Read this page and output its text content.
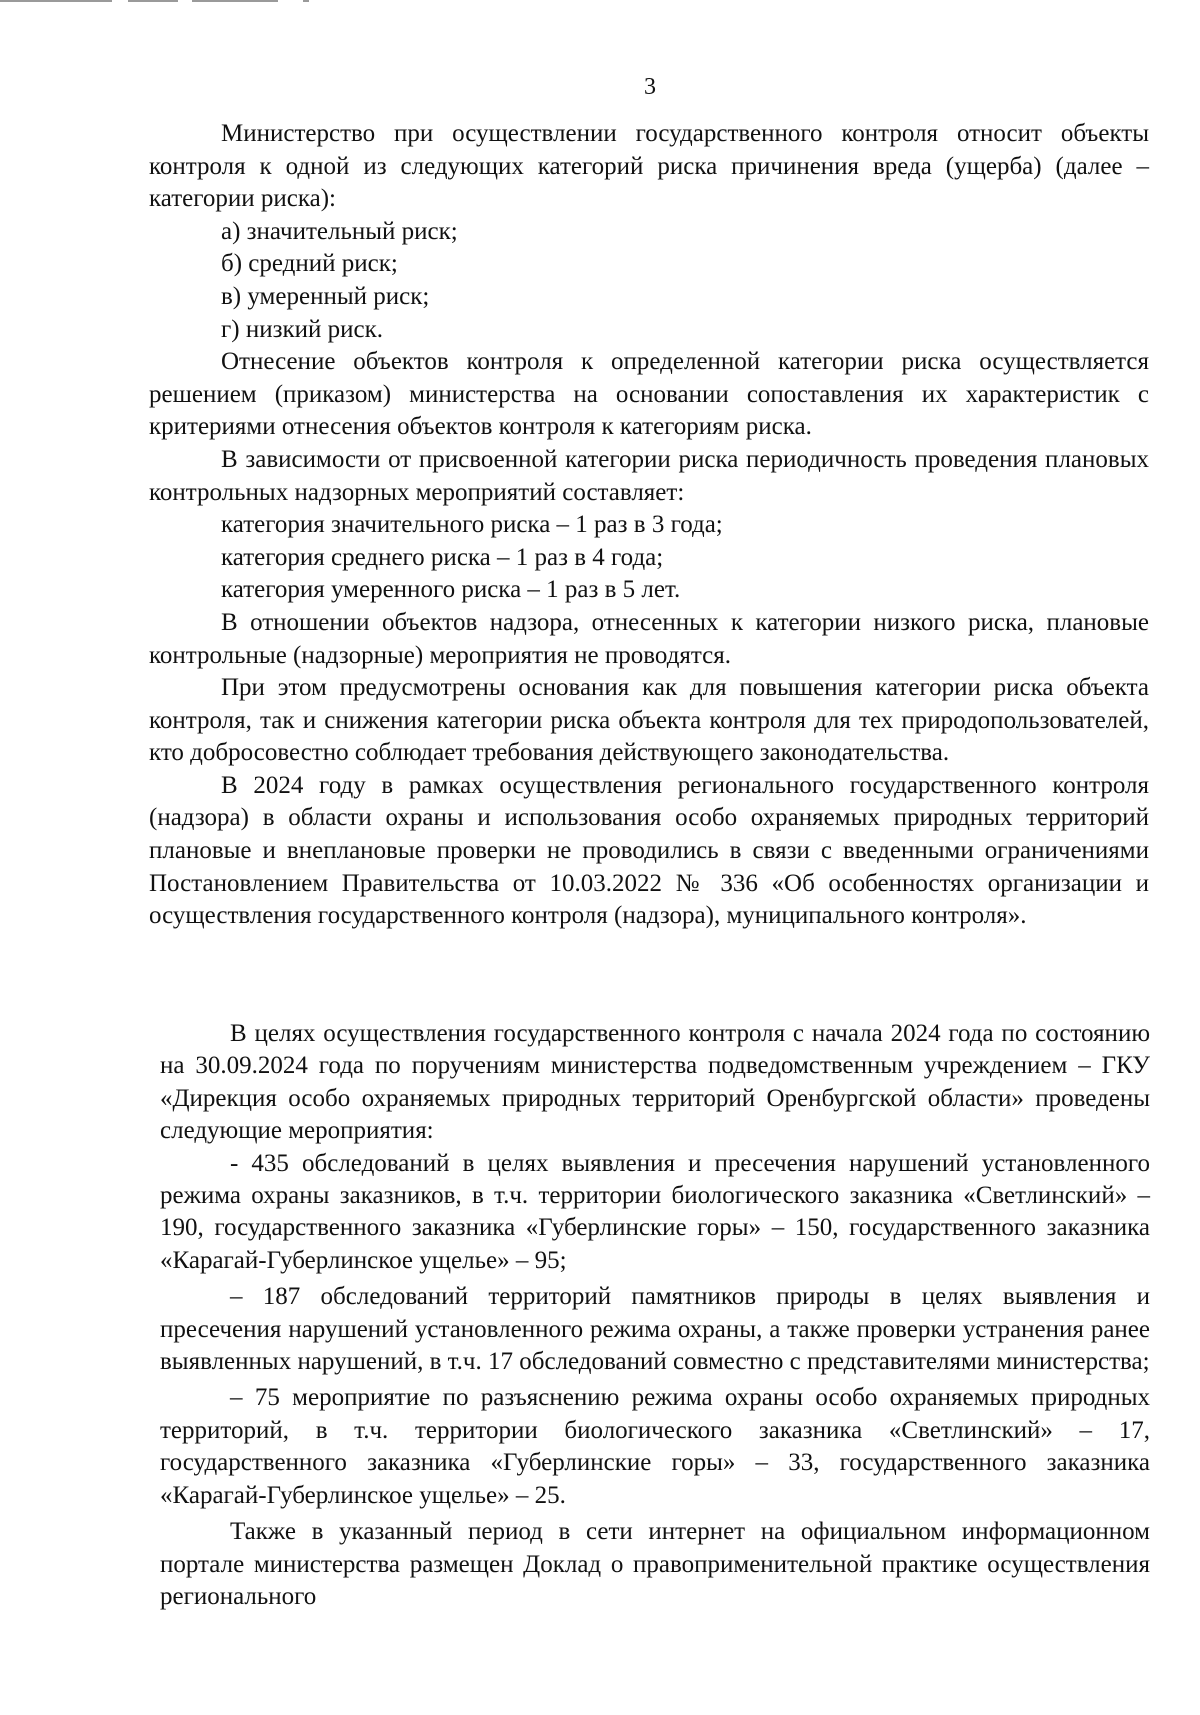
3

Министерство при осуществлении государственного контроля относит объекты контроля к одной из следующих категорий риска причинения вреда (ущерба) (далее – категории риска):

а) значительный риск;

б) средний риск;

в) умеренный риск;

г) низкий риск.

Отнесение объектов контроля к определенной категории риска осуществляется решением (приказом) министерства на основании сопоставления их характеристик с критериями отнесения объектов контроля к категориям риска.

В зависимости от присвоенной категории риска периодичность проведения плановых контрольных надзорных мероприятий составляет:

категория значительного риска – 1 раз в 3 года;

категория среднего риска – 1 раз в 4 года;

категория умеренного риска – 1 раз в 5 лет.

В отношении объектов надзора, отнесенных к категории низкого риска, плановые контрольные (надзорные) мероприятия не проводятся.

При этом предусмотрены основания как для повышения категории риска объекта контроля, так и снижения категории риска объекта контроля для тех природопользователей, кто добросовестно соблюдает требования действующего законодательства.

В 2024 году в рамках осуществления регионального государственного контроля (надзора) в области охраны и использования особо охраняемых природных территорий плановые и внеплановые проверки не проводились в связи с введенными ограничениями Постановлением Правительства от 10.03.2022 № 336 «Об особенностях организации и осуществления государственного контроля (надзора), муниципального контроля».

В целях осуществления государственного контроля с начала 2024 года по состоянию на 30.09.2024 года по поручениям министерства подведомственным учреждением – ГКУ «Дирекция особо охраняемых природных территорий Оренбургской области» проведены следующие мероприятия:

- 435 обследований в целях выявления и пресечения нарушений установленного режима охраны заказников, в т.ч. территории биологического заказника «Светлинский» – 190, государственного заказника «Губерлинские горы» – 150, государственного заказника «Карагай-Губерлинское ущелье» – 95;

– 187 обследований территорий памятников природы в целях выявления и пресечения нарушений установленного режима охраны, а также проверки устранения ранее выявленных нарушений, в т.ч. 17 обследований совместно с представителями министерства;

– 75 мероприятие по разъяснению режима охраны особо охраняемых природных территорий, в т.ч. территории биологического заказника «Светлинский» – 17, государственного заказника «Губерлинские горы» – 33, государственного заказника «Карагай-Губерлинское ущелье» – 25.

Также в указанный период в сети интернет на официальном информационном портале министерства размещен Доклад о правоприменительной практике осуществления регионального
